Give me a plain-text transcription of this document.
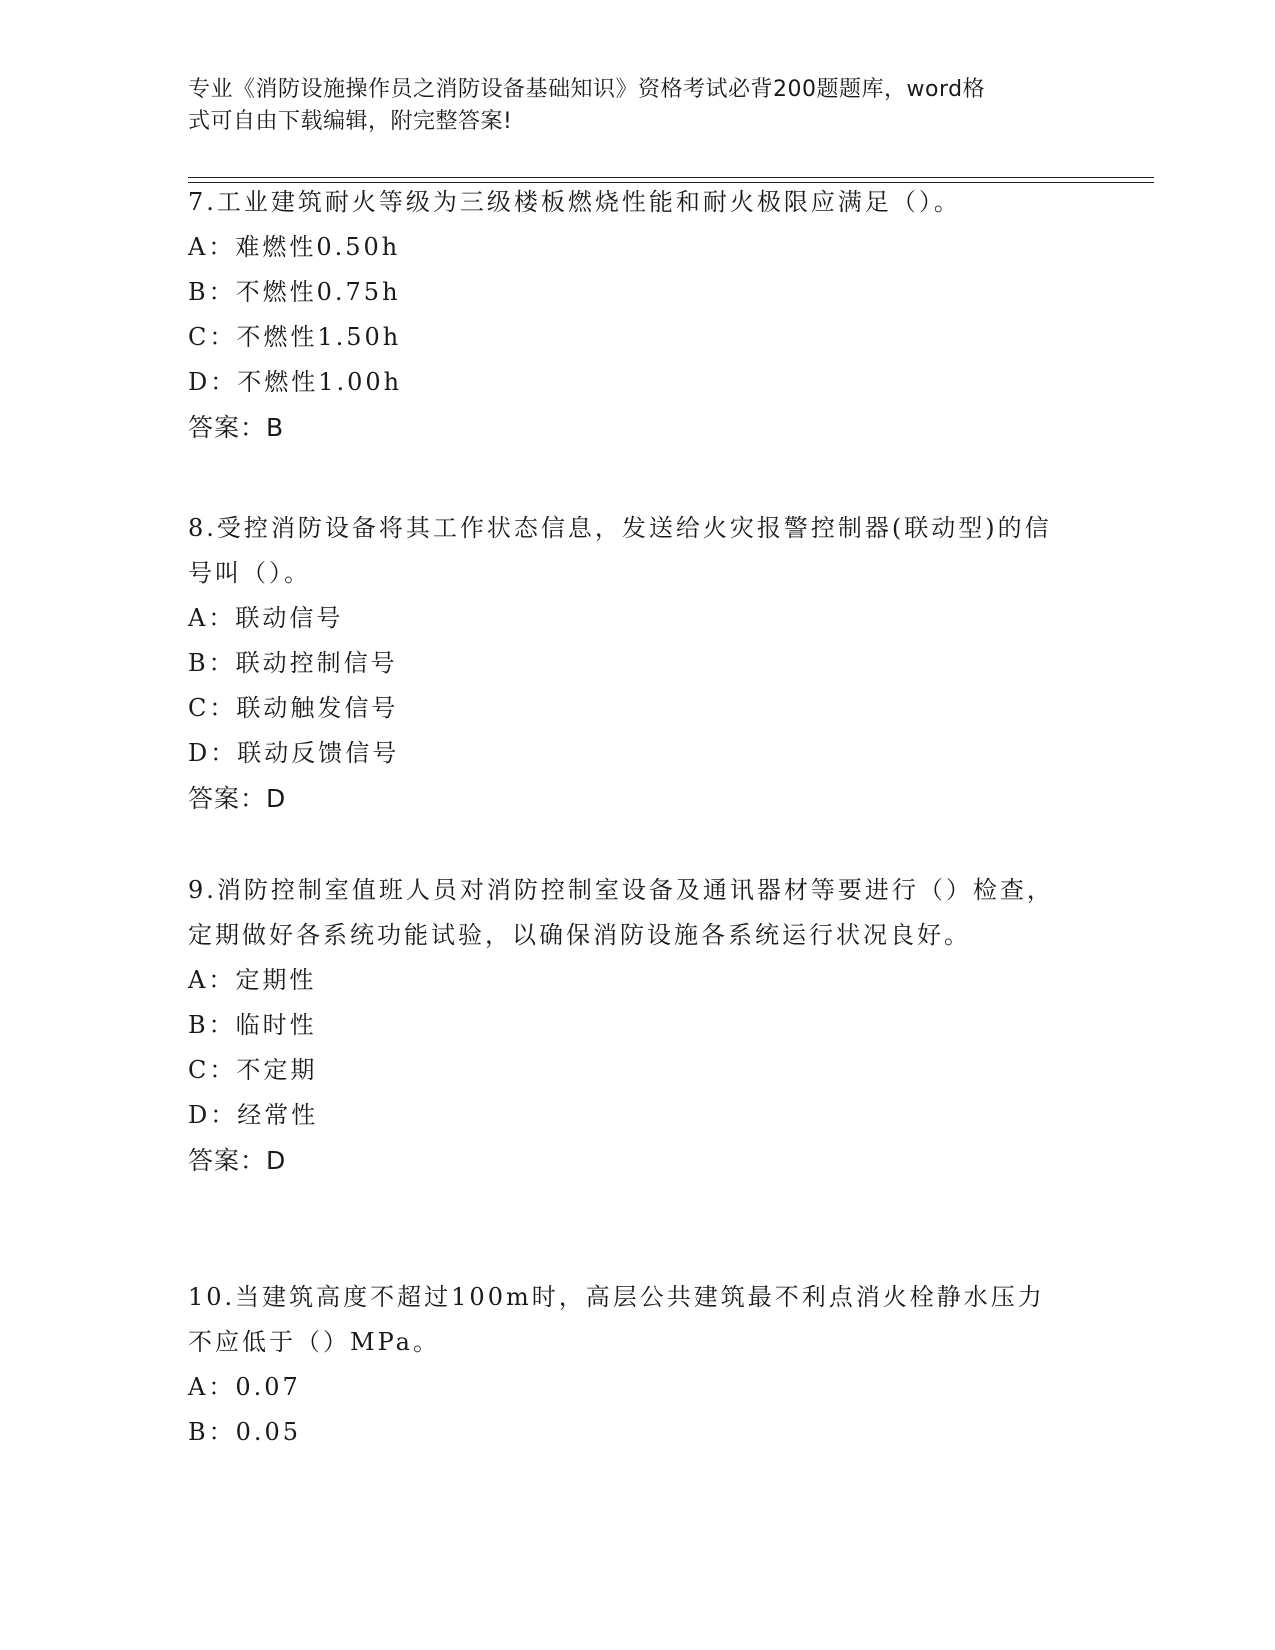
专业《消防设施操作员之消防设备基础知识》资格考试必背200题题库，word格
式可自由下载编辑，附完整答案!

7.工业建筑耐火等级为三级楼板燃烧性能和耐火极限应满足（）。

A：难燃性0.50h

B：不燃性0.75h

C：不燃性1.50h

D：不燃性1.00h

答案：B

8.受控消防设备将其工作状态信息，发送给火灾报警控制器(联动型)的信号叫（）。

A：联动信号

B：联动控制信号

C：联动触发信号

D：联动反馈信号

答案：D

9.消防控制室值班人员对消防控制室设备及通讯器材等要进行（）检查，定期做好各系统功能试验，以确保消防设施各系统运行状况良好。

A：定期性

B：临时性

C：不定期

D：经常性

答案：D

10.当建筑高度不超过100m时，高层公共建筑最不利点消火栓静水压力不应低于（）MPa。

A：0.07

B：0.05
